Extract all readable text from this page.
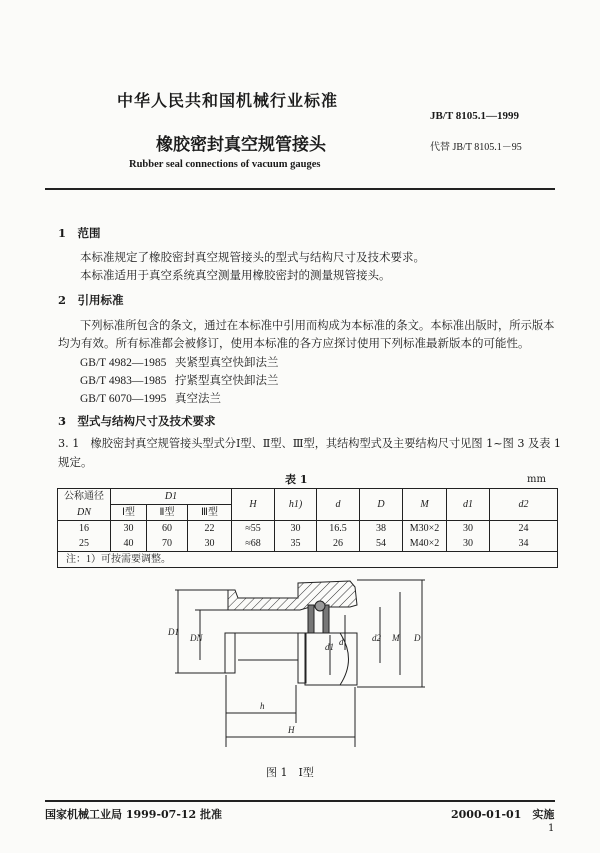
中华人民共和国机械行业标准
JB/T 8105.1—1999
橡胶密封真空规管接头	代替 JB/T 8105.1－95
Rubber seal connections of vacuum gauges
1　范围
本标准规定了橡胶密封真空规管接头的型式与结构尺寸及技术要求。
本标准适用于真空系统真空测量用橡胶密封的测量规管接头。
2　引用标准
下列标准所包含的条文，通过在本标准中引用而构成为本标准的条文。本标准出版时，所示版本
均为有效。所有标准都会被修订，使用本标准的各方应探讨使用下列标准最新版本的可能性。
GB/T 4982—1985 夹紧型真空快卸法兰
GB/T 4983—1985 拧紧型真空快卸法兰
GB/T 6070—1995 真空法兰
3　型式与结构尺寸及技术要求
3. 1　橡胶密封真空规管接头型式分Ⅰ型、Ⅱ型、Ⅲ型，其结构型式及主要结构尺寸见图 1~图 3 及表 1
规定。
表 1	mm
公称通径	D1			H	h1)	d	D	M	d1	d2
DN	Ⅰ型	Ⅱ型	Ⅲ型							
16	30	60	22	≈55	30	16.5	38	M30×2	30	24
25	40	70	30	≈68	35	26	54	M40×2	30	34
注：1）可按需要调整。										
D1
DN
d1 d	d2 M D
h
H
图 1　Ⅰ型
国家机械工业局 1999-07-12 批准	2000-01-01　实施
1
